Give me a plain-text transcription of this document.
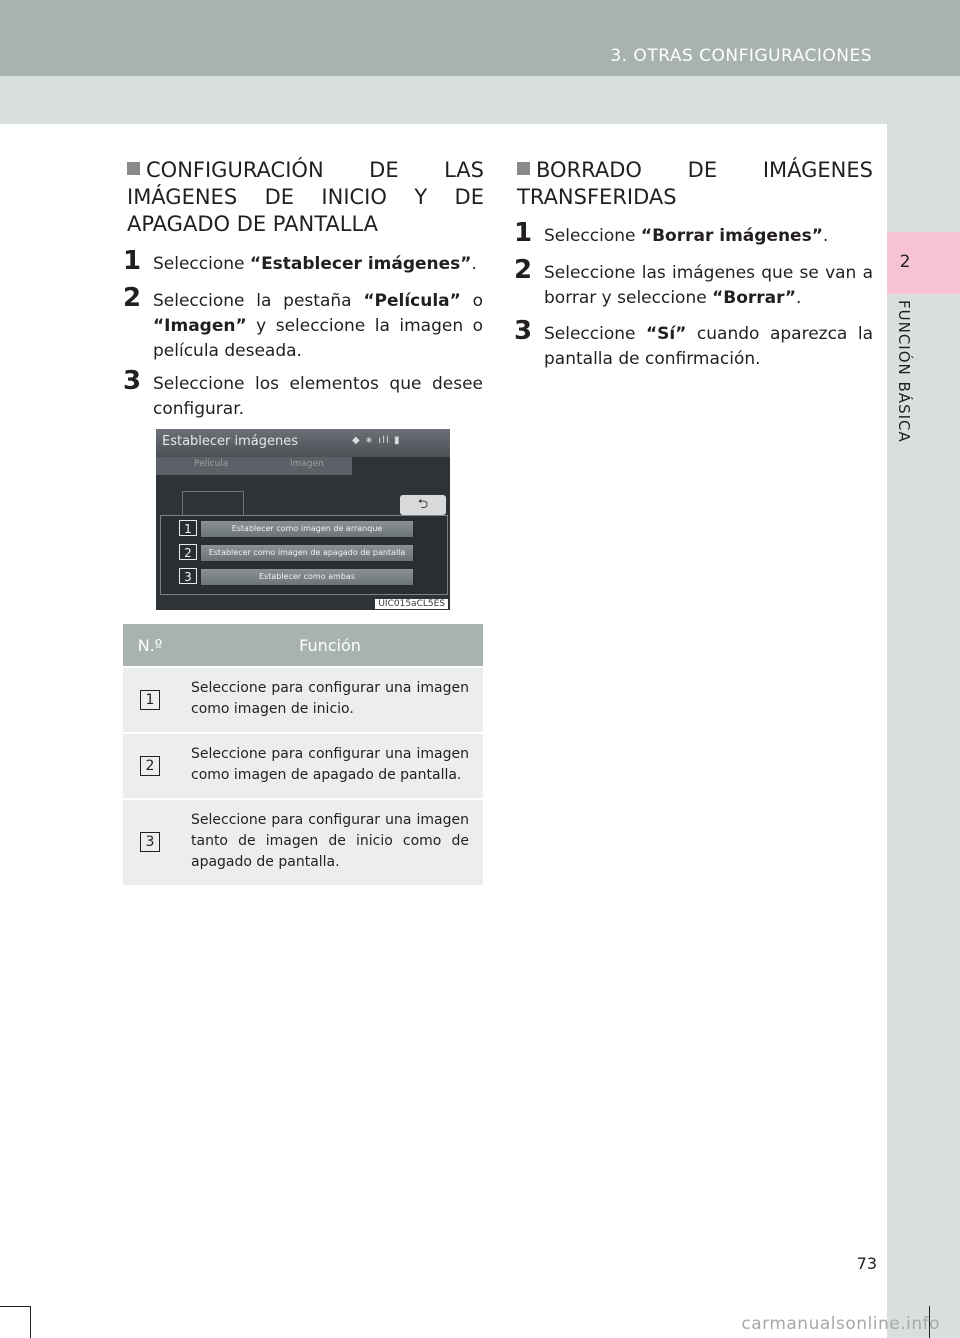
3. OTRAS CONFIGURACIONES
2
FUNCIÓN BÁSICA
CONFIGURACIÓN DE LAS IMÁGENES DE INICIO Y DE APAGADO DE PANTALLA
1 Seleccione “Establecer imágenes”.
2 Seleccione la pestaña “Película” o “Imagen” y seleccione la imagen o película deseada.
3 Seleccione los elementos que desee configurar.
Establecer imágenes	◆ ∗ ıll ▮
Película	Imagen
⮌
1	Establecer como imagen de arranque
2	Establecer como imagen de apagado de pantalla
3	Establecer como ambas
UIC015aCL5ES
N.º	Función
1	Seleccione para configurar una imagen como imagen de inicio.
2	Seleccione para configurar una imagen como imagen de apagado de pantalla.
3	Seleccione para configurar una imagen tanto de imagen de inicio como de apagado de pantalla.
BORRADO DE IMÁGENES TRANSFERIDAS
1 Seleccione “Borrar imágenes”.
2 Seleccione las imágenes que se van a borrar y seleccione “Borrar”.
3 Seleccione “Sí” cuando aparezca la pantalla de confirmación.
73
carmanualsonline.info
